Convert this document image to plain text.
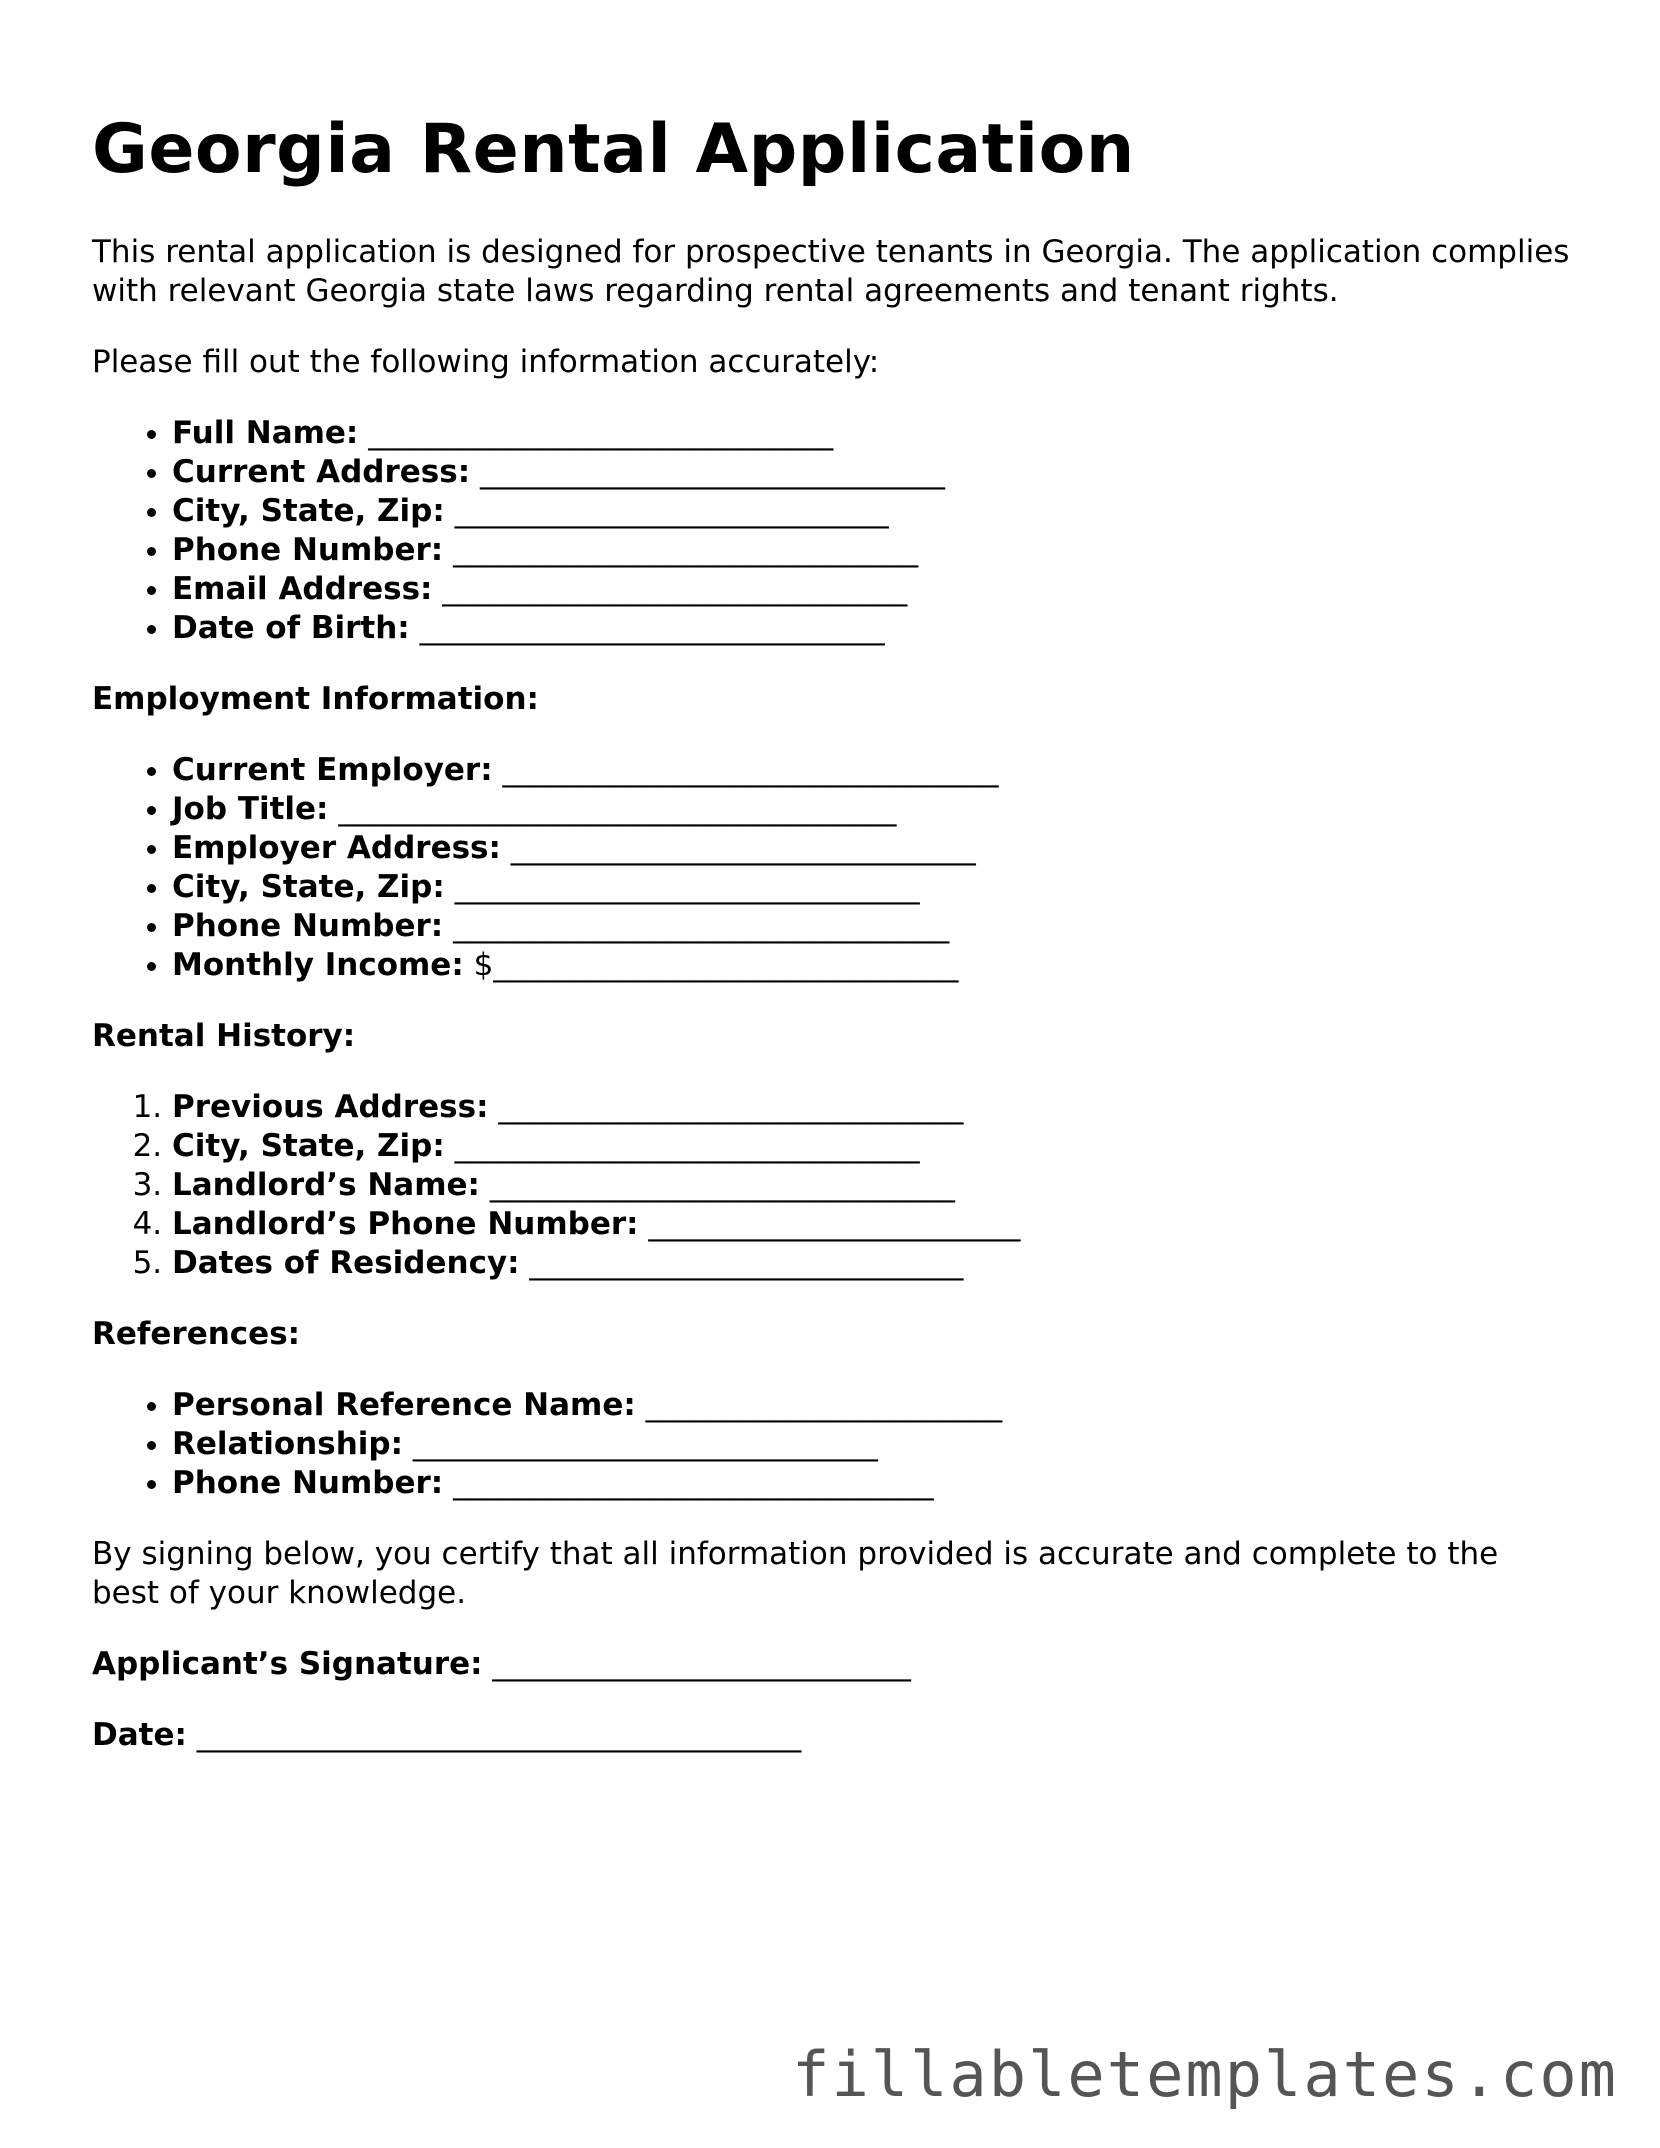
Georgia Rental Application

This rental application is designed for prospective tenants in Georgia. The application complies with relevant Georgia state laws regarding rental agreements and tenant rights.

Please fill out the following information accurately:

• Full Name: ______________________________
• Current Address: ______________________________
• City, State, Zip: ____________________________
• Phone Number: ______________________________
• Email Address: ______________________________
• Date of Birth: ______________________________
Employment Information:
• Current Employer: ________________________________
• Job Title: ____________________________________
• Employer Address: ______________________________
• City, State, Zip: ______________________________
• Phone Number: ________________________________
• Monthly Income: $______________________________
Rental History:
1. Previous Address: ______________________________
2. City, State, Zip: ______________________________
3. Landlord’s Name: ______________________________
4. Landlord’s Phone Number: ________________________
5. Dates of Residency: ____________________________
References:
• Personal Reference Name: _______________________
• Relationship: ______________________________
• Phone Number: _______________________________

By signing below, you certify that all information provided is accurate and complete to the best of your knowledge.

Applicant’s Signature: ___________________________
Date: _______________________________________
fillabletemplates.com
